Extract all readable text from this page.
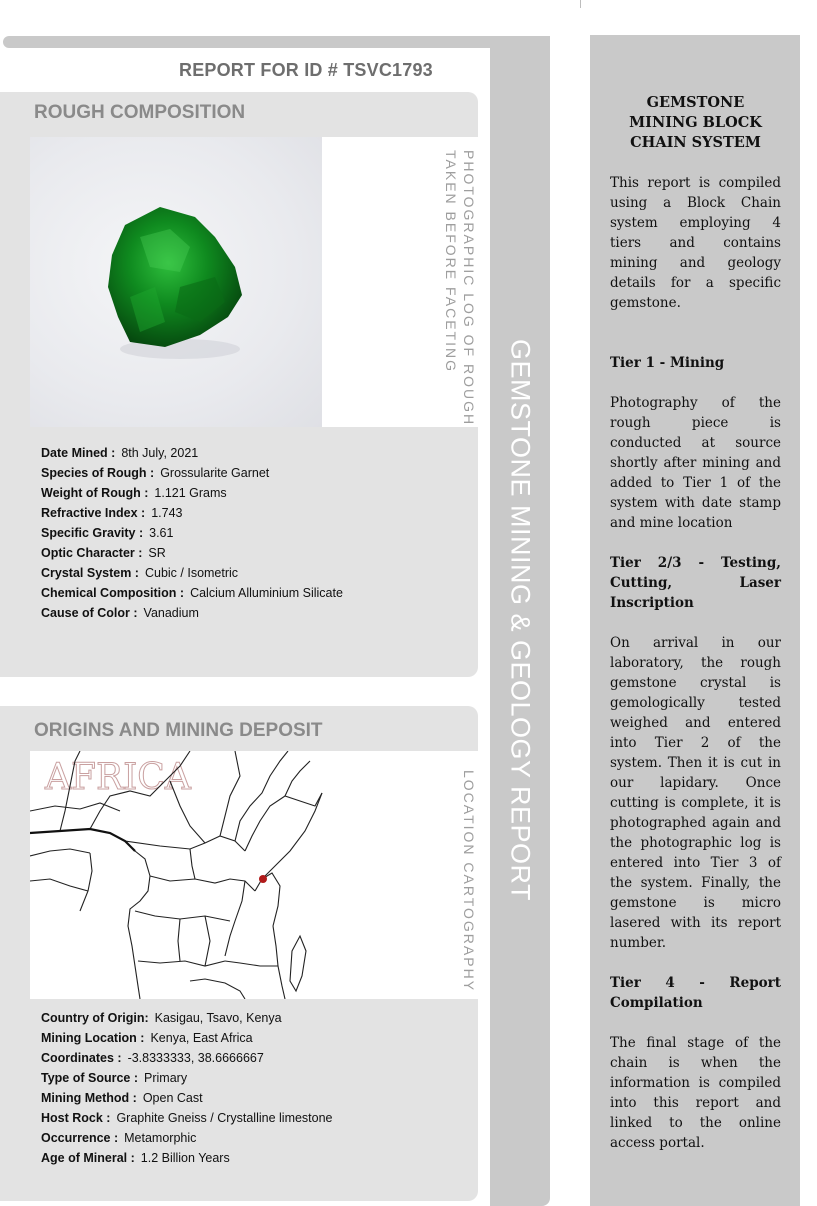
GEMSTONE MINING & GEOLOGY REPORT
REPORT FOR ID # TSVC1793
ROUGH COMPOSITION
PHOTOGRAPHIC LOG OF ROUGH
TAKEN BEFORE FACETING
Date Mined : 8th July, 2021
Species of Rough : Grossularite Garnet
Weight of Rough : 1.121 Grams
Refractive Index : 1.743
Specific Gravity : 3.61
Optic Character : SR
Crystal System : Cubic / Isometric
Chemical Composition : Calcium Alluminium Silicate
Cause of Color : Vanadium
ORIGINS AND MINING DEPOSIT
AFRICA	LOCATION CARTOGRAPHY
Country of Origin: Kasigau, Tsavo, Kenya
Mining Location : Kenya, East Africa
Coordinates : -3.8333333, 38.6666667
Type of Source : Primary
Mining Method : Open Cast
Host Rock : Graphite Gneiss / Crystalline limestone
Occurrence : Metamorphic
Age of Mineral : 1.2 Billion Years
GEMSTONE MINING BLOCK CHAIN SYSTEM

This report is compiled using a Block Chain system employing 4 tiers and contains mining and geology details for a specific gemstone.

Tier 1 - Mining

Photography of the rough piece is conducted at source shortly after mining and added to Tier 1 of the system with date stamp and mine location

Tier 2/3 - Testing, Cutting, Laser Inscription

On arrival in our laboratory, the rough gemstone crystal is gemologically tested weighed and entered into Tier 2 of the system. Then it is cut in our lapidary. Once cutting is complete, it is photographed again and the photographic log is entered into Tier 3 of the system. Finally, the gemstone is micro lasered with its report number.

Tier 4 - Report Compilation

The final stage of the chain is when the information is compiled into this report and linked to the online access portal.
